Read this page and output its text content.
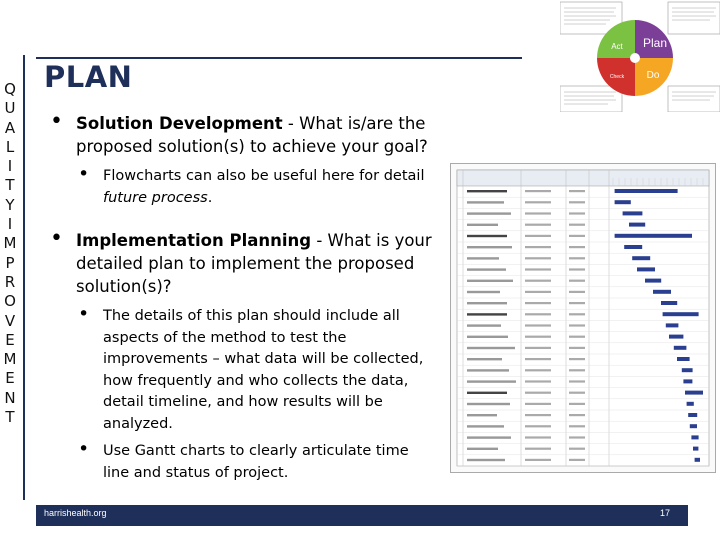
Q
U
A
L
I
T
Y
I
M
P
R
O
V
E
M
E
N
T
PLAN
• Solution Development - What is/are the proposed solution(s) to achieve your goal?
• Flowcharts can also be useful here for detail future process.
• Implementation Planning - What is your detailed plan to implement the proposed solution(s)?
• The details of this plan should include all aspects of the method to test the improvements – what data will be collected, how frequently and who collects the data, detail timeline, and how results will be analyzed.
• Use Gantt charts to clearly articulate time line and status of project.
Plan
Do
Check
Act
harrishealth.org	17
